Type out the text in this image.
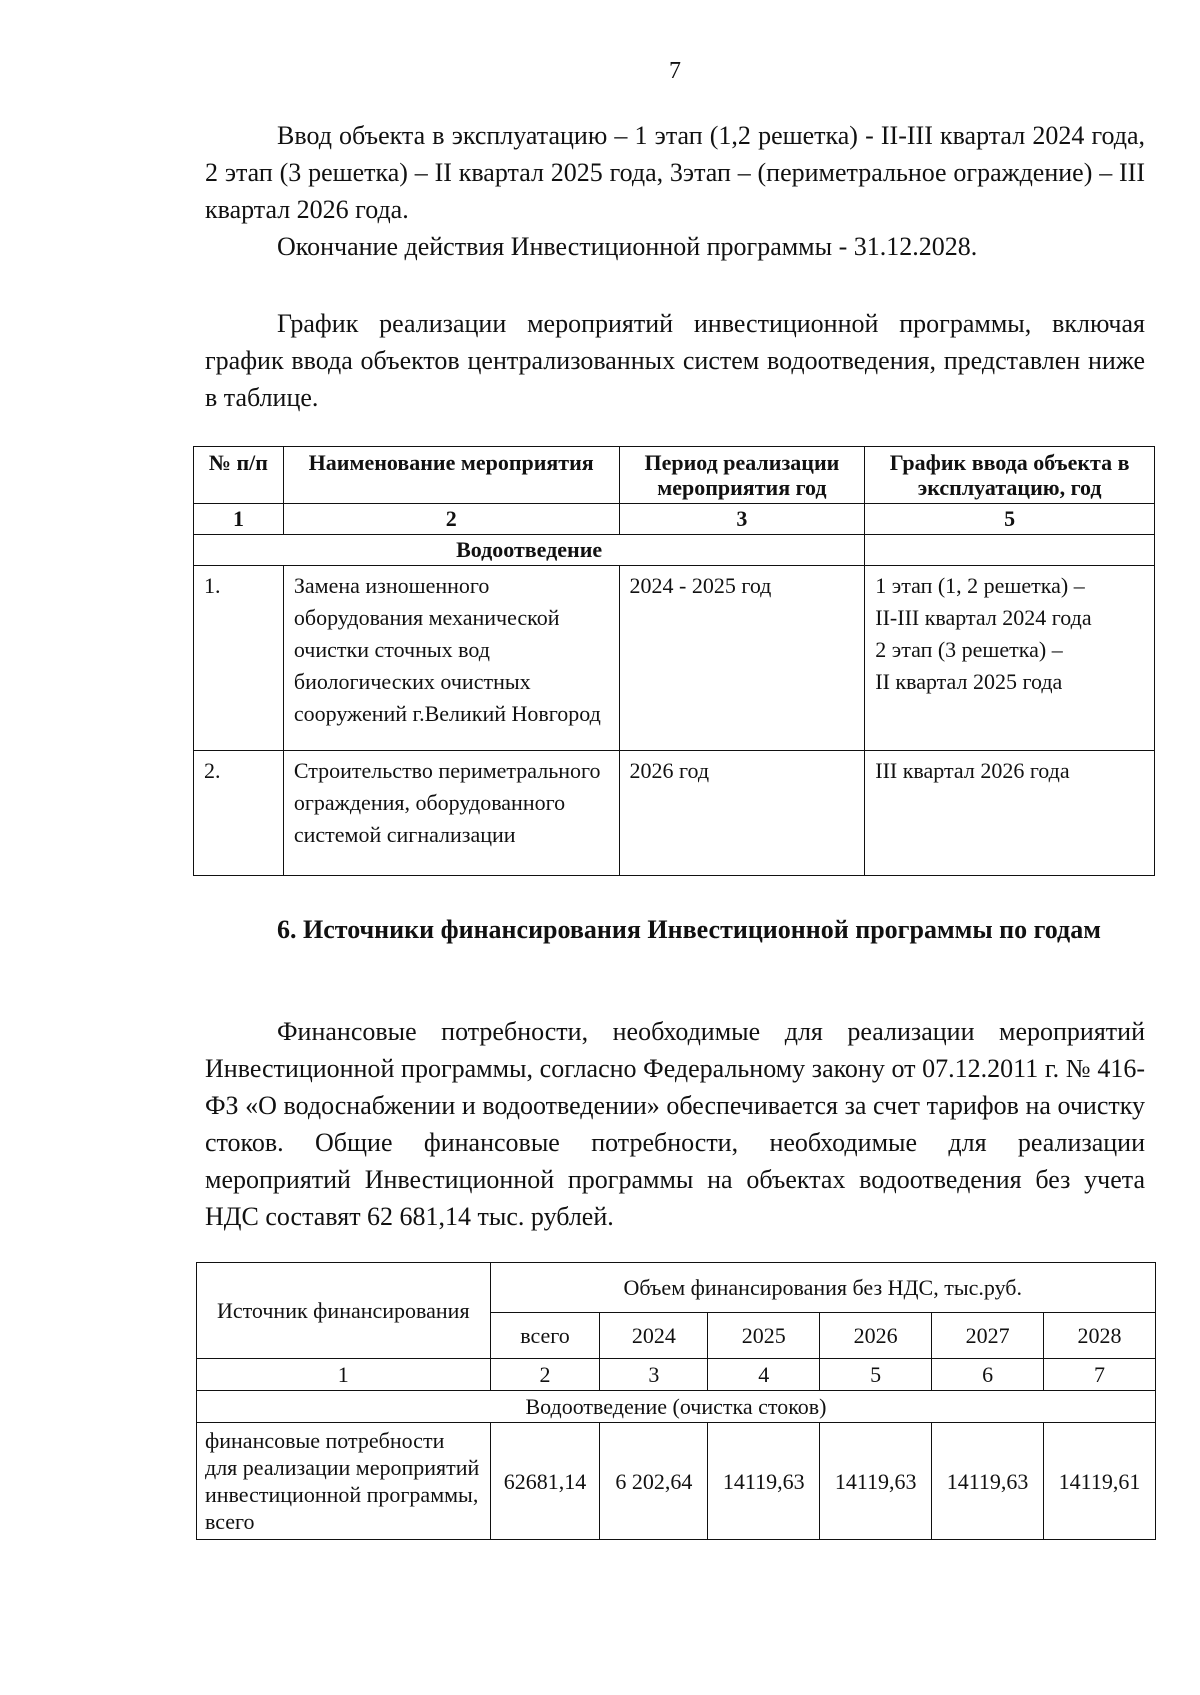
7

Ввод объекта в эксплуатацию – 1 этап (1,2 решетка) - II-III квартал 2024 года, 2 этап (3 решетка) – II квартал 2025 года, 3этап – (периметральное ограждение) – III квартал 2026 года.

Окончание действия Инвестиционной программы - 31.12.2028.

График реализации мероприятий инвестиционной программы, включая график ввода объектов централизованных систем водоотведения, представлен ниже в таблице.

№ п/п	Наименование мероприятия	Период реализации мероприятия год	График ввода объекта в эксплуатацию, год
1	2	3	5
Водоотведение			
1.	Замена изношенного оборудования механической очистки сточных вод биологических очистных сооружений г.Великий Новгород	2024 - 2025 год	1 этап (1, 2 решетка) –
II-III квартал 2024 года
2 этап (3 решетка) –
II квартал 2025 года

2.	Строительство периметрального ограждения, оборудованного системой сигнализации	2026 год	III квартал 2026 года

6. Источники финансирования Инвестиционной программы по годам

Финансовые потребности, необходимые для реализации мероприятий Инвестиционной программы, согласно Федеральному закону от 07.12.2011 г. № 416-ФЗ «О водоснабжении и водоотведении» обеспечивается за счет тарифов на очистку стоков. Общие финансовые потребности, необходимые для реализации мероприятий Инвестиционной программы на объектах водоотведения без учета НДС составят 62 681,14 тыс. рублей.

Источник финансирования	Объем финансирования без НДС, тыс.руб.					
	всего	2024	2025	2026	2027	2028
1	2	3	4	5	6	7
Водоотведение (очистка стоков)						
финансовые потребности для реализации мероприятий инвестиционной программы, всего	62681,14	6 202,64	14119,63	14119,63	14119,63	14119,61
